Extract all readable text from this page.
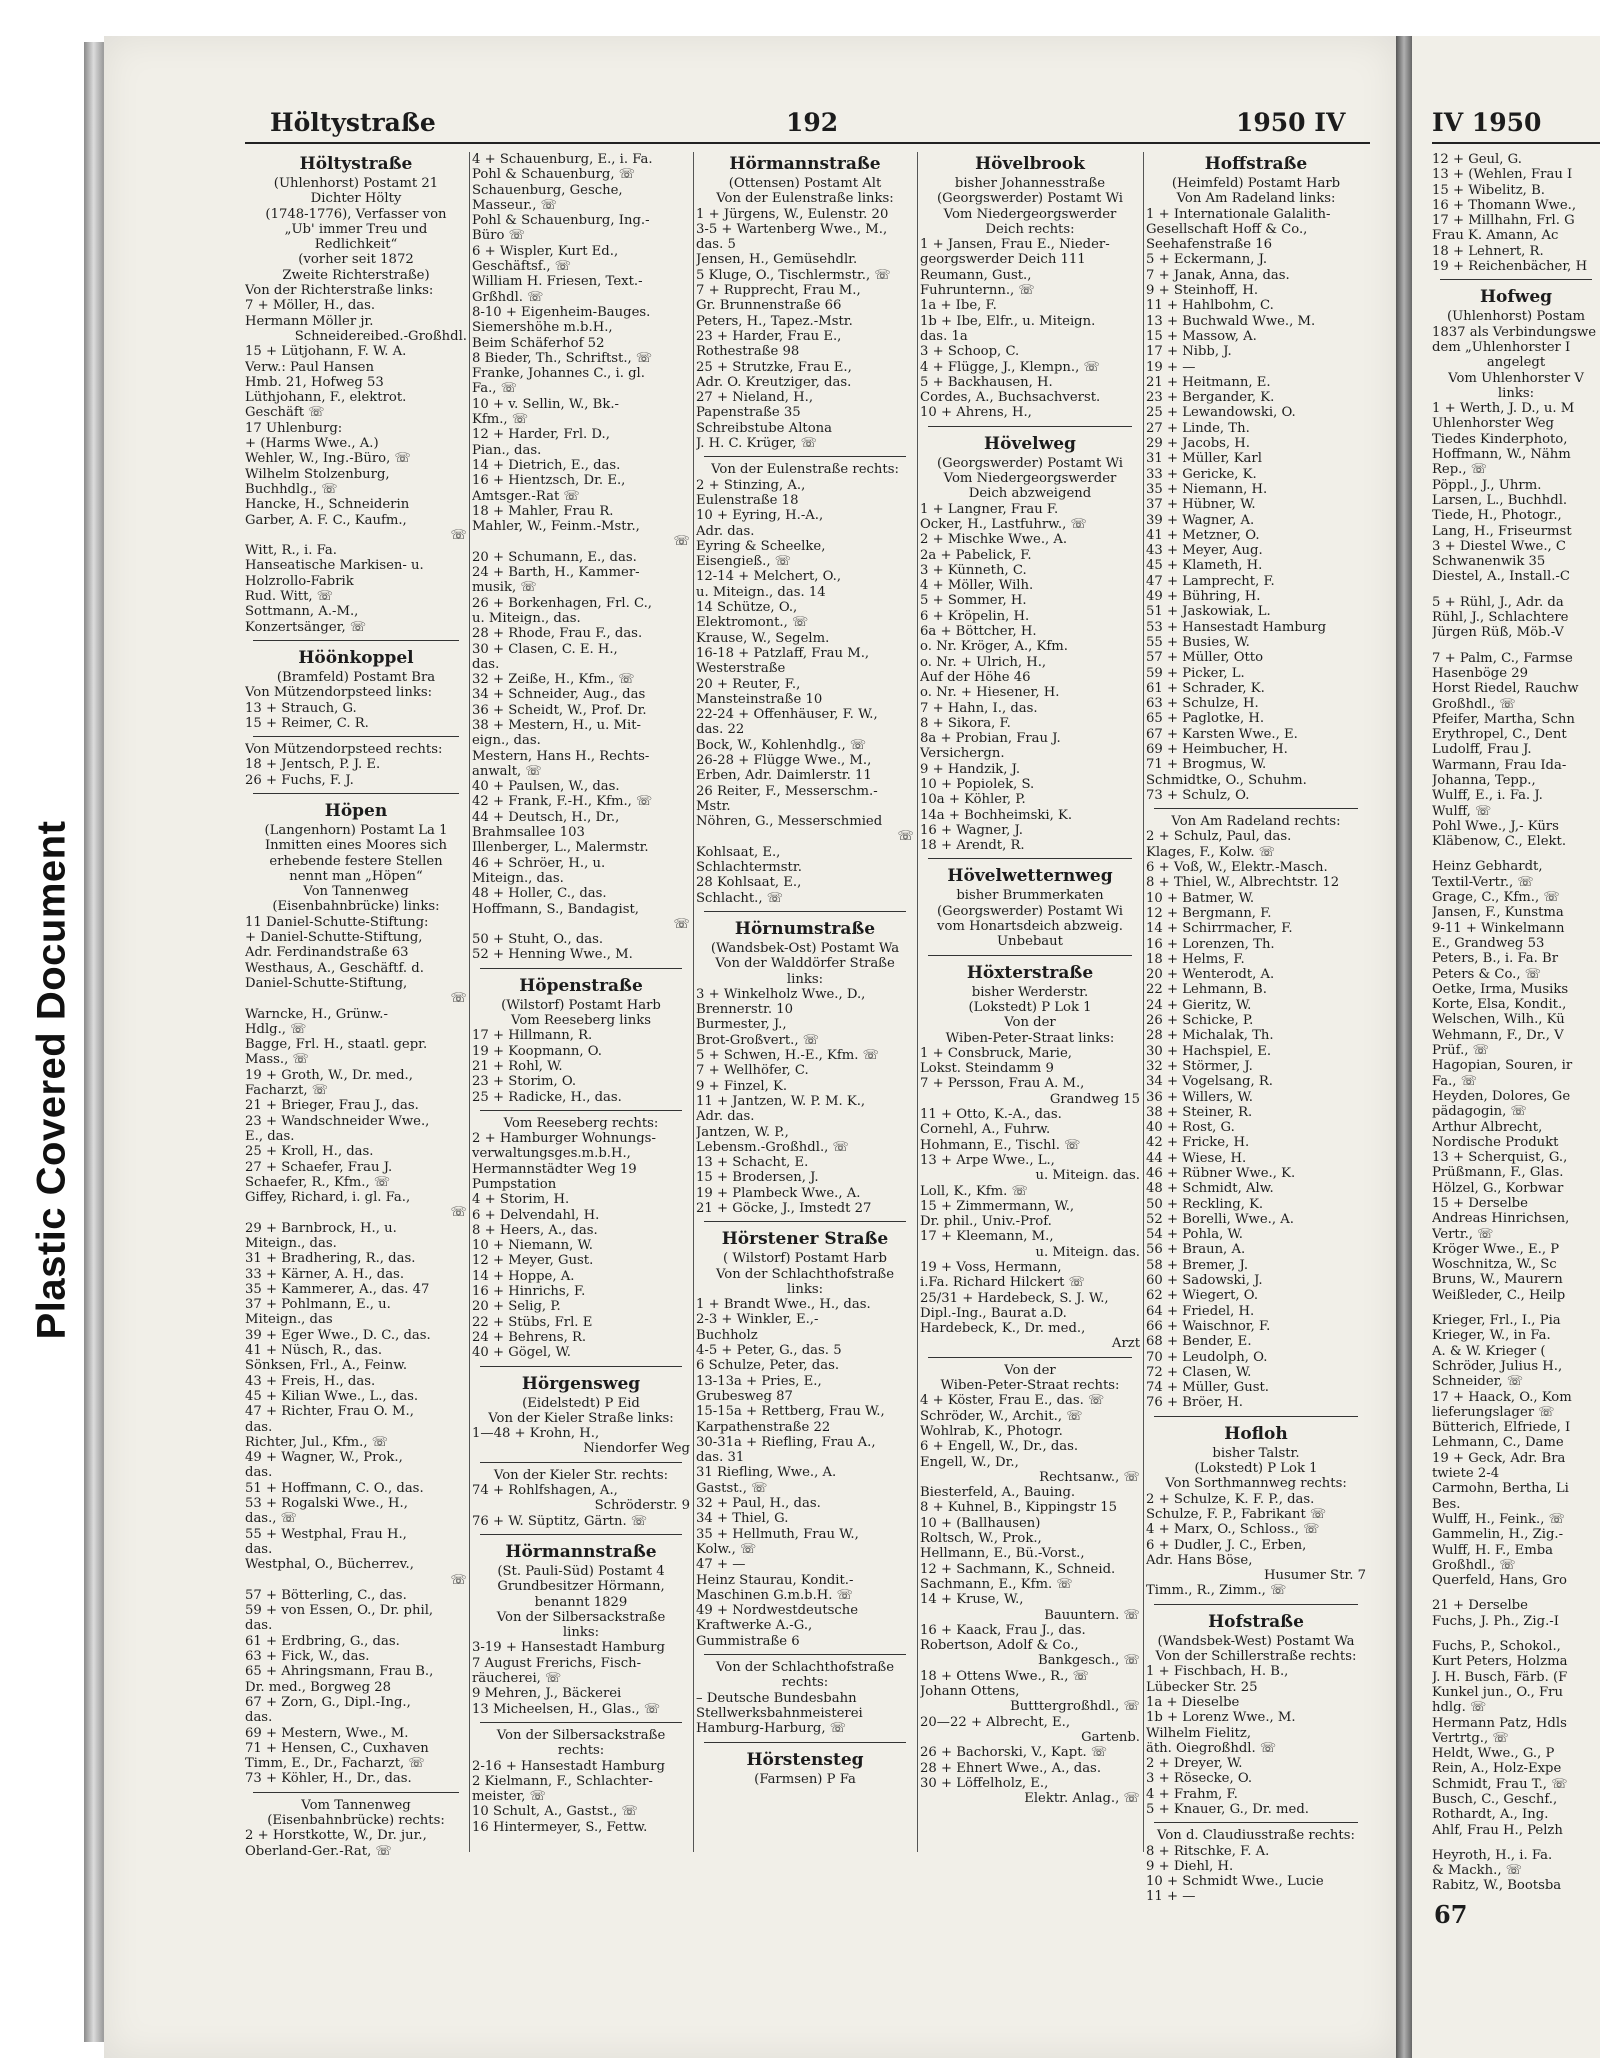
Plastic Covered Document
Höltystraße	192	1950 IV	IV 1950
Höltystraße
(Uhlenhorst) Postamt 21
Dichter Hölty
(1748-1776), Verfasser von
„Üb' immer Treu und
Redlichkeit“
(vorher seit 1872
Zweite Richterstraße)
Von der Richterstraße links:
7 + Möller, H., das.
Hermann Möller jr.
Schneidereibed.-Großhdl.
15 + Lütjohann, F. W. A.
Verw.: Paul Hansen
Hmb. 21, Hofweg 53
Lüthjohann, F., elektrot.
Geschäft ☏
17 Uhlenburg:
+ (Harms Wwe., A.)
Wehler, W., Ing.-Büro, ☏
Wilhelm Stolzenburg,
Buchhdlg., ☏
Hancke, H., Schneiderin
Garber, A. F. C., Kaufm.,
☏
Witt, R., i. Fa.
Hanseatische Markisen- u.
Holzrollo-Fabrik
Rud. Witt, ☏
Sottmann, A.-M.,
Konzertsänger, ☏
Höönkoppel
(Bramfeld) Postamt Bra
Von Mützendorpsteed links:
13 + Strauch, G.
15 + Reimer, C. R.
Von Mützendorpsteed rechts:
18 + Jentsch, P. J. E.
26 + Fuchs, F. J.
Höpen
(Langenhorn) Postamt La 1
Inmitten eines Moores sich
erhebende festere Stellen
nennt man „Höpen“
Von Tannenweg
(Eisenbahnbrücke) links:
11 Daniel-Schutte-Stiftung:
+ Daniel-Schutte-Stiftung,
Adr. Ferdinandstraße 63
Westhaus, A., Geschäftf. d.
Daniel-Schutte-Stiftung,
☏
Warncke, H., Grünw.-
Hdlg., ☏
Bagge, Frl. H., staatl. gepr.
Mass., ☏
19 + Groth, W., Dr. med.,
Facharzt, ☏
21 + Brieger, Frau J., das.
23 + Wandschneider Wwe.,
E., das.
25 + Kroll, H., das.
27 + Schaefer, Frau J.
Schaefer, R., Kfm., ☏
Giffey, Richard, i. gl. Fa.,
☏
29 + Barnbrock, H., u.
Miteign., das.
31 + Bradhering, R., das.
33 + Kärner, A. H., das.
35 + Kammerer, A., das. 47
37 + Pohlmann, E., u.
Miteign., das
39 + Eger Wwe., D. C., das.
41 + Nüsch, R., das.
Sönksen, Frl., A., Feinw.
43 + Freis, H., das.
45 + Kilian Wwe., L., das.
47 + Richter, Frau O. M.,
das.
Richter, Jul., Kfm., ☏
49 + Wagner, W., Prok.,
das.
51 + Hoffmann, C. O., das.
53 + Rogalski Wwe., H.,
das., ☏
55 + Westphal, Frau H.,
das.
Westphal, O., Bücherrev.,
☏
57 + Bötterling, C., das.
59 + von Essen, O., Dr. phil,
das.
61 + Erdbring, G., das.
63 + Fick, W., das.
65 + Ahringsmann, Frau B.,
Dr. med., Borgweg 28
67 + Zorn, G., Dipl.-Ing.,
das.
69 + Mestern, Wwe., M.
71 + Hensen, C., Cuxhaven
Timm, E., Dr., Facharzt, ☏
73 + Köhler, H., Dr., das.
Vom Tannenweg
(Eisenbahnbrücke) rechts:
2 + Horstkotte, W., Dr. jur.,
Oberland-Ger.-Rat, ☏
4 + Schauenburg, E., i. Fa.
Pohl & Schauenburg, ☏
Schauenburg, Gesche,
Masseur., ☏
Pohl & Schauenburg, Ing.-
Büro ☏
6 + Wispler, Kurt Ed.,
Geschäftsf., ☏
William H. Friesen, Text.-
Grßhdl. ☏
8-10 + Eigenheim-Bauges.
Siemershöhe m.b.H.,
Beim Schäferhof 52
8 Bieder, Th., Schriftst., ☏
Franke, Johannes C., i. gl.
Fa., ☏
10 + v. Sellin, W., Bk.-
Kfm., ☏
12 + Harder, Frl. D.,
Pian., das.
14 + Dietrich, E., das.
16 + Hientzsch, Dr. E.,
Amtsger.-Rat ☏
18 + Mahler, Frau R.
Mahler, W., Feinm.-Mstr.,
☏
20 + Schumann, E., das.
24 + Barth, H., Kammer-
musik, ☏
26 + Borkenhagen, Frl. C.,
u. Miteign., das.
28 + Rhode, Frau F., das.
30 + Clasen, C. E. H.,
das.
32 + Zeiße, H., Kfm., ☏
34 + Schneider, Aug., das
36 + Scheidt, W., Prof. Dr.
38 + Mestern, H., u. Mit-
eign., das.
Mestern, Hans H., Rechts-
anwalt, ☏
40 + Paulsen, W., das.
42 + Frank, F.-H., Kfm., ☏
44 + Deutsch, H., Dr.,
Brahmsallee 103
Illenberger, L., Malermstr.
46 + Schröer, H., u.
Miteign., das.
48 + Holler, C., das.
Hoffmann, S., Bandagist,
☏
50 + Stuht, O., das.
52 + Henning Wwe., M.
Höpenstraße
(Wilstorf) Postamt Harb
Vom Reeseberg links
17 + Hillmann, R.
19 + Koopmann, O.
21 + Rohl, W.
23 + Storim, O.
25 + Radicke, H., das.
Vom Reeseberg rechts:
2 + Hamburger Wohnungs-
verwaltungsges.m.b.H.,
Hermannstädter Weg 19
Pumpstation
4 + Storim, H.
6 + Delvendahl, H.
8 + Heers, A., das.
10 + Niemann, W.
12 + Meyer, Gust.
14 + Hoppe, A.
16 + Hinrichs, F.
20 + Selig, P.
22 + Stübs, Frl. E
24 + Behrens, R.
40 + Gögel, W.
Hörgensweg
(Eidelstedt) P Eid
Von der Kieler Straße links:
1—48 + Krohn, H.,
Niendorfer Weg
Von der Kieler Str. rechts:
74 + Rohlfshagen, A.,
Schröderstr. 9
76 + W. Süptitz, Gärtn. ☏
Hörmannstraße
(St. Pauli-Süd) Postamt 4
Grundbesitzer Hörmann,
benannt 1829
Von der Silbersackstraße
links:
3-19 + Hansestadt Hamburg
7 August Frerichs, Fisch-
räucherei, ☏
9 Mehren, J., Bäckerei
13 Micheelsen, H., Glas., ☏
Von der Silbersackstraße
rechts:
2-16 + Hansestadt Hamburg
2 Kielmann, F., Schlachter-
meister, ☏
10 Schult, A., Gastst., ☏
16 Hintermeyer, S., Fettw.
Hörmannstraße
(Ottensen) Postamt Alt
Von der Eulenstraße links:
1 + Jürgens, W., Eulenstr. 20
3-5 + Wartenberg Wwe., M.,
das. 5
Jensen, H., Gemüsehdlr.
5 Kluge, O., Tischlermstr., ☏
7 + Rupprecht, Frau M.,
Gr. Brunnenstraße 66
Peters, H., Tapez.-Mstr.
23 + Harder, Frau E.,
Rothestraße 98
25 + Strutzke, Frau E.,
Adr. O. Kreutziger, das.
27 + Nieland, H.,
Papenstraße 35
Schreibstube Altona
J. H. C. Krüger, ☏
Von der Eulenstraße rechts:
2 + Stinzing, A.,
Eulenstraße 18
10 + Eyring, H.-A.,
Adr. das.
Eyring & Scheelke,
Eisengieß., ☏
12-14 + Melchert, O.,
u. Miteign., das. 14
14 Schütze, O.,
Elektromont., ☏
Krause, W., Segelm.
16-18 + Patzlaff, Frau M.,
Westerstraße
20 + Reuter, F.,
Mansteinstraße 10
22-24 + Offenhäuser, F. W.,
das. 22
Bock, W., Kohlenhdlg., ☏
26-28 + Flügge Wwe., M.,
Erben, Adr. Daimlerstr. 11
26 Reiter, F., Messerschm.-
Mstr.
Nöhren, G., Messerschmied
☏
Kohlsaat, E.,
Schlachtermstr.
28 Kohlsaat, E.,
Schlacht., ☏
Hörnumstraße
(Wandsbek-Ost) Postamt Wa
Von der Walddörfer Straße
links:
3 + Winkelholz Wwe., D.,
Brennerstr. 10
Burmester, J.,
Brot-Großvert., ☏
5 + Schwen, H.-E., Kfm. ☏
7 + Wellhöfer, C.
9 + Finzel, K.
11 + Jantzen, W. P. M. K.,
Adr. das.
Jantzen, W. P.,
Lebensm.-Großhdl., ☏
13 + Schacht, E.
15 + Brodersen, J.
19 + Plambeck Wwe., A.
21 + Göcke, J., Imstedt 27
Hörstener Straße
( Wilstorf) Postamt Harb
Von der Schlachthofstraße
links:
1 + Brandt Wwe., H., das.
2-3 + Winkler, E.,-
Buchholz
4-5 + Peter, G., das. 5
6 Schulze, Peter, das.
13-13a + Pries, E.,
Grubesweg 87
15-15a + Rettberg, Frau W.,
Karpathenstraße 22
30-31a + Riefling, Frau A.,
das. 31
31 Riefling, Wwe., A.
Gastst., ☏
32 + Paul, H., das.
34 + Thiel, G.
35 + Hellmuth, Frau W.,
Kolw., ☏
47 + —
Heinz Staurau, Kondit.-
Maschinen G.m.b.H. ☏
49 + Nordwestdeutsche
Kraftwerke A.-G.,
Gummistraße 6
Von der Schlachthofstraße
rechts:
– Deutsche Bundesbahn
Stellwerksbahnmeisterei
Hamburg-Harburg, ☏
Hörstensteg
(Farmsen) P Fa
Hövelbrook
bisher Johannesstraße
(Georgswerder) Postamt Wi
Vom Niedergeorgswerder
Deich rechts:
1 + Jansen, Frau E., Nieder-
georgswerder Deich 111
Reumann, Gust.,
Fuhrunternn., ☏
1a + Ibe, F.
1b + Ibe, Elfr., u. Miteign.
das. 1a
3 + Schoop, C.
4 + Flügge, J., Klempn., ☏
5 + Backhausen, H.
Cordes, A., Buchsachverst.
10 + Ahrens, H.,
Hövelweg
(Georgswerder) Postamt Wi
Vom Niedergeorgswerder
Deich abzweigend
1 + Langner, Frau F.
Ocker, H., Lastfuhrw., ☏
2 + Mischke Wwe., A.
2a + Pabelick, F.
3 + Künneth, C.
4 + Möller, Wilh.
5 + Sommer, H.
6 + Kröpelin, H.
6a + Böttcher, H.
o. Nr. Kröger, A., Kfm.
o. Nr. + Ulrich, H.,
Auf der Höhe 46
o. Nr. + Hiesener, H.
7 + Hahn, I., das.
8 + Sikora, F.
8a + Probian, Frau J.
Versichergn.
9 + Handzik, J.
10 + Popiolek, S.
10a + Köhler, P.
14a + Bochheimski, K.
16 + Wagner, J.
18 + Arendt, R.
Hövelwetternweg
bisher Brummerkaten
(Georgswerder) Postamt Wi
vom Honartsdeich abzweig.
Unbebaut
Höxterstraße
bisher Werderstr.
(Lokstedt) P Lok 1
Von der
Wiben-Peter-Straat links:
1 + Consbruck, Marie,
Lokst. Steindamm 9
7 + Persson, Frau A. M.,
Grandweg 15
11 + Otto, K.-A., das.
Cornehl, A., Fuhrw.
Hohmann, E., Tischl. ☏
13 + Arpe Wwe., L.,
u. Miteign. das.
Loll, K., Kfm. ☏
15 + Zimmermann, W.,
Dr. phil., Univ.-Prof.
17 + Kleemann, M.,
u. Miteign. das.
19 + Voss, Hermann,
i.Fa. Richard Hilckert ☏
25/31 + Hardebeck, S. J. W.,
Dipl.-Ing., Baurat a.D.
Hardebeck, K., Dr. med.,
Arzt
Von der
Wiben-Peter-Straat rechts:
4 + Köster, Frau E., das. ☏
Schröder, W., Archit., ☏
Wohlrab, K., Photogr.
6 + Engell, W., Dr., das.
Engell, W., Dr.,
Rechtsanw., ☏
Biesterfeld, A., Bauing.
8 + Kuhnel, B., Kippingstr 15
10 + (Ballhausen)
Roltsch, W., Prok.,
Hellmann, E., Bü.-Vorst.,
12 + Sachmann, K., Schneid.
Sachmann, E., Kfm. ☏
14 + Kruse, W.,
Bauuntern. ☏
16 + Kaack, Frau J., das.
Robertson, Adolf & Co.,
Bankgesch., ☏
18 + Ottens Wwe., R., ☏
Johann Ottens,
Butttergroßhdl., ☏
20—22 + Albrecht, E.,
Gartenb.
26 + Bachorski, V., Kapt. ☏
28 + Ehnert Wwe., A., das.
30 + Löffelholz, E.,
Elektr. Anlag., ☏
Hoffstraße
(Heimfeld) Postamt Harb
Von Am Radeland links:
1 + Internationale Galalith-
Gesellschaft Hoff & Co.,
Seehafenstraße 16
5 + Eckermann, J.
7 + Janak, Anna, das.
9 + Steinhoff, H.
11 + Hahlbohm, C.
13 + Buchwald Wwe., M.
15 + Massow, A.
17 + Nibb, J.
19 + —
21 + Heitmann, E.
23 + Bergander, K.
25 + Lewandowski, O.
27 + Linde, Th.
29 + Jacobs, H.
31 + Müller, Karl
33 + Gericke, K.
35 + Niemann, H.
37 + Hübner, W.
39 + Wagner, A.
41 + Metzner, O.
43 + Meyer, Aug.
45 + Klameth, H.
47 + Lamprecht, F.
49 + Bühring, H.
51 + Jaskowiak, L.
53 + Hansestadt Hamburg
55 + Busies, W.
57 + Müller, Otto
59 + Picker, L.
61 + Schrader, K.
63 + Schulze, H.
65 + Paglotke, H.
67 + Karsten Wwe., E.
69 + Heimbucher, H.
71 + Brogmus, W.
Schmidtke, O., Schuhm.
73 + Schulz, O.
Von Am Radeland rechts:
2 + Schulz, Paul, das.
Klages, F., Kolw. ☏
6 + Voß, W., Elektr.-Masch.
8 + Thiel, W., Albrechtstr. 12
10 + Batmer, W.
12 + Bergmann, F.
14 + Schirrmacher, F.
16 + Lorenzen, Th.
18 + Helms, F.
20 + Wenterodt, A.
22 + Lehmann, B.
24 + Gieritz, W.
26 + Schicke, P.
28 + Michalak, Th.
30 + Hachspiel, E.
32 + Störmer, J.
34 + Vogelsang, R.
36 + Willers, W.
38 + Steiner, R.
40 + Rost, G.
42 + Fricke, H.
44 + Wiese, H.
46 + Rübner Wwe., K.
48 + Schmidt, Alw.
50 + Reckling, K.
52 + Borelli, Wwe., A.
54 + Pohla, W.
56 + Braun, A.
58 + Bremer, J.
60 + Sadowski, J.
62 + Wiegert, O.
64 + Friedel, H.
66 + Waischnor, F.
68 + Bender, E.
70 + Leudolph, O.
72 + Clasen, W.
74 + Müller, Gust.
76 + Bröer, H.
Hofloh
bisher Talstr.
(Lokstedt) P Lok 1
Von Sorthmannweg rechts:
2 + Schulze, K. F. P., das.
Schulze, F. P., Fabrikant ☏
4 + Marx, O., Schloss., ☏
6 + Dudler, J. C., Erben,
Adr. Hans Böse,
Husumer Str. 7
Timm., R., Zimm., ☏
Hofstraße
(Wandsbek-West) Postamt Wa
Von der Schillerstraße rechts:
1 + Fischbach, H. B.,
Lübecker Str. 25
1a + Dieselbe
1b + Lorenz Wwe., M.
Wilhelm Fielitz,
äth. Oiegroßhdl. ☏
2 + Dreyer, W.
3 + Rösecke, O.
4 + Frahm, F.
5 + Knauer, G., Dr. med.
Von d. Claudiusstraße rechts:
8 + Ritschke, F. A.
9 + Diehl, H.
10 + Schmidt Wwe., Lucie
11 + —
12 + Geul, G.
13 + (Wehlen, Frau I
15 + Wibelitz, B.
16 + Thomann Wwe.,
17 + Millhahn, Frl. G
Frau K. Amann, Ac
18 + Lehnert, R.
19 + Reichenbächer, H
Hofweg
(Uhlenhorst) Postam
1837 als Verbindungswe
dem „Uhlenhorster I
angelegt
Vom Uhlenhorster V
links:
1 + Werth, J. D., u. M
Uhlenhorster Weg
Tiedes Kinderphoto,
Hoffmann, W., Nähm
Rep., ☏
Pöppl., J., Uhrm.
Larsen, L., Buchhdl.
Tiede, H., Photogr.,
Lang, H., Friseurmst
3 + Diestel Wwe., C
Schwanenwik 35
Diestel, A., Install.-C
5 + Rühl, J., Adr. da
Rühl, J., Schlachtere
Jürgen Rüß, Möb.-V
7 + Palm, C., Farmse
Hasenböge 29
Horst Riedel, Rauchw
Großhdl., ☏
Pfeifer, Martha, Schn
Erythropel, C., Dent
Ludolff, Frau J.
Warmann, Frau Ida-
Johanna, Tepp.,
Wulff, E., i. Fa. J.
Wulff, ☏
Pohl Wwe., J,- Kürs
Kläbenow, C., Elekt.
Heinz Gebhardt,
Textil-Vertr., ☏
Grage, C., Kfm., ☏
Jansen, F., Kunstma
9-11 + Winkelmann
E., Grandweg 53
Peters, B., i. Fa. Br
Peters & Co., ☏
Oetke, Irma, Musiks
Korte, Elsa, Kondit.,
Welschen, Wilh., Kü
Wehmann, F., Dr., V
Prüf., ☏
Hagopian, Souren, ir
Fa., ☏
Heyden, Dolores, Ge
pädagogin, ☏
Arthur Albrecht,
Nordische Produkt
13 + Scherquist, G.,
Prüßmann, F., Glas.
Hölzel, G., Korbwar
15 + Derselbe
Andreas Hinrichsen,
Vertr., ☏
Kröger Wwe., E., P
Woschnitza, W., Sc
Bruns, W., Maurern
Weißleder, C., Heilp
Krieger, Frl., I., Pia
Krieger, W., in Fa.
A. & W. Krieger (
Schröder, Julius H.,
Schneider, ☏
17 + Haack, O., Kom
lieferungslager ☏
Bütterich, Elfriede, I
Lehmann, C., Dame
19 + Geck, Adr. Bra
twiete 2-4
Carmohn, Bertha, Li
Bes.
Wulff, H., Feink., ☏
Gammelin, H., Zig.-
Wulff, H. F., Emba
Großhdl., ☏
Querfeld, Hans, Gro
21 + Derselbe
Fuchs, J. Ph., Zig.-I
Fuchs, P., Schokol.,
Kurt Peters, Holzma
J. H. Busch, Färb. (F
Kunkel jun., O., Fru
hdlg. ☏
Hermann Patz, Hdls
Vertrtg., ☏
Heldt, Wwe., G., P
Rein, A., Holz-Expe
Schmidt, Frau T., ☏
Busch, C., Geschf.,
Rothardt, A., Ing.
Ahlf, Frau H., Pelzh
Heyroth, H., i. Fa.
& Mackh., ☏
Rabitz, W., Bootsba
67
